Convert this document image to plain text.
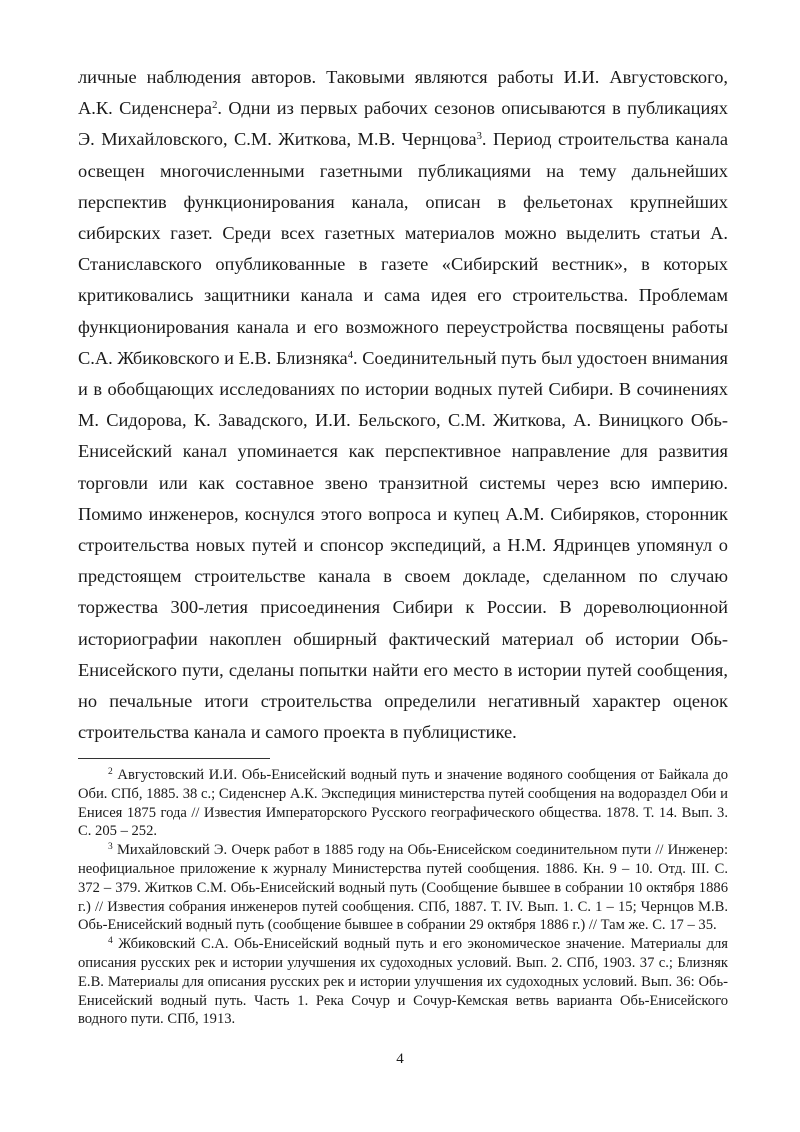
личные наблюдения авторов. Таковыми являются работы И.И. Августовского, А.К. Сиденснера$^2$. Одни из первых рабочих сезонов описываются в публикациях Э. Михайловского, С.М. Житкова, М.В. Чернцова$^3$. Период строительства канала освещен многочисленными газетными публикациями на тему дальнейших перспектив функционирования канала, описан в фельетонах крупнейших сибирских газет. Среди всех газетных материалов можно выделить статьи А. Станиславского опубликованные в газете «Сибирский вестник», в которых критиковались защитники канала и сама идея его строительства. Проблемам функционирования канала и его возможного переустройства посвящены работы С.А. Жбиковского и Е.В. Близняка$^4$. Соединительный путь был удостоен внимания и в обобщающих исследованиях по истории водных путей Сибири. В сочинениях М. Сидорова, К. Завадского, И.И. Бельского, С.М. Житкова, А. Виницкого Обь-Енисейский канал упоминается как перспективное направление для развития торговли или как составное звено транзитной системы через всю империю. Помимо инженеров, коснулся этого вопроса и купец А.М. Сибиряков, сторонник строительства новых путей и спонсор экспедиций, а Н.М. Ядринцев упомянул о предстоящем строительстве канала в своем докладе, сделанном по случаю торжества 300-летия присоединения Сибири к России. В дореволюционной историографии накоплен обширный фактический материал об истории Обь-Енисейского пути, сделаны попытки найти его место в истории путей сообщения, но печальные итоги строительства определили негативный характер оценок строительства канала и самого проекта в публицистике.

$^2$ Августовский И.И. Обь-Енисейский водный путь и значение водяного сообщения от Байкала до Оби. СПб, 1885. 38 с.; Сиденснер А.К. Экспедиция министерства путей сообщения на водораздел Оби и Енисея 1875 года // Известия Императорского Русского географического общества. 1878. Т. 14. Вып. 3. С. 205 – 252.

$^3$ Михайловский Э. Очерк работ в 1885 году на Обь-Енисейском соединительном пути // Инженер: неофициальное приложение к журналу Министерства путей сообщения. 1886. Кн. 9 – 10. Отд. III. С. 372 – 379. Житков С.М. Обь-Енисейский водный путь (Сообщение бывшее в собрании 10 октября 1886 г.) // Известия собрания инженеров путей сообщения. СПб, 1887. Т. IV. Вып. 1. С. 1 – 15; Чернцов М.В. Обь-Енисейский водный путь (сообщение бывшее в собрании 29 октября 1886 г.) // Там же. С. 17 – 35.

$^4$ Жбиковский С.А. Обь-Енисейский водный путь и его экономическое значение. Материалы для описания русских рек и истории улучшения их судоходных условий. Вып. 2. СПб, 1903. 37 с.; Близняк Е.В. Материалы для описания русских рек и истории улучшения их судоходных условий. Вып. 36: Обь-Енисейский водный путь. Часть 1. Река Сочур и Сочур-Кемская ветвь варианта Обь-Енисейского водного пути. СПб, 1913.

4
